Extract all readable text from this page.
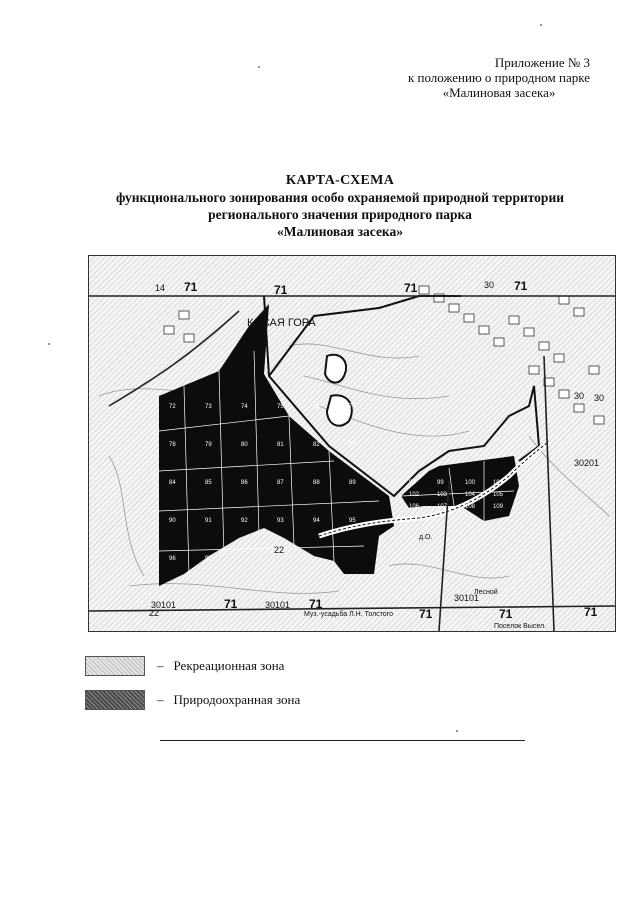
Приложение № 3
к положению о природном парке
«Малиновая засека»
КАРТА-СХЕМА
функционального зонирования особо охраняемой природной территории
регионального значения природного парка
«Малиновая засека»
КОСАЯ ГОРА
71	71	71	71
71	71
71	71	71
14	30
30 30
22
22
30101	30101
30101
30201
72	73	74	75	76	77
78	79	80	81	82	83
84	85	86	87	88	89
90	91	92	93	94	95
96	97
98	99	100	101
102	103	104	105
106	107	108	109
Лесной
д.О.
Муз.-усадьба Л.Н. Толстого
Поселок Высел.
– Рекреационная зона
– Природоохранная зона
